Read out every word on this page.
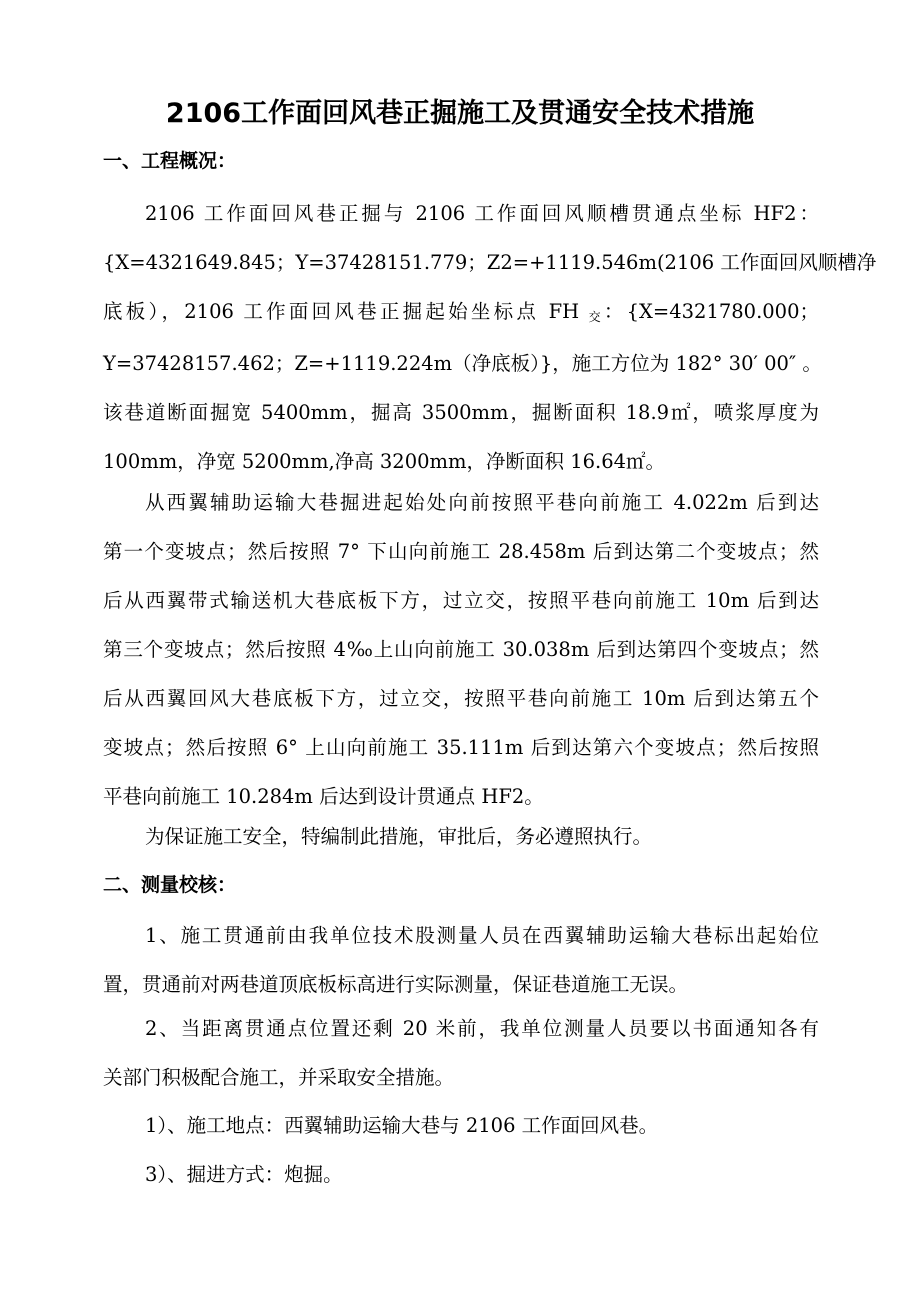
2106工作面回风巷正掘施工及贯通安全技术措施
一、工程概况：
2106 工作面回风巷正掘与 2106 工作面回风顺槽贯通点坐标 HF2：
{X=4321649.845；Y=37428151.779；Z2=+1119.546m(2106 工作面回风顺槽净
底板），2106 工作面回风巷正掘起始坐标点 FH 交：{X=4321780.000；
Y=37428157.462；Z=+1119.224m（净底板）}，施工方位为 182° 30′ 00″ 。
该巷道断面掘宽 5400mm，掘高 3500mm，掘断面积 18.9㎡，喷浆厚度为
100mm，净宽 5200mm,净高 3200mm，净断面积 16.64㎡。
从西翼辅助运输大巷掘进起始处向前按照平巷向前施工 4.022m 后到达
第一个变坡点；然后按照 7° 下山向前施工 28.458m 后到达第二个变坡点；然
后从西翼带式输送机大巷底板下方，过立交，按照平巷向前施工 10m 后到达
第三个变坡点；然后按照 4‰上山向前施工 30.038m 后到达第四个变坡点；然
后从西翼回风大巷底板下方，过立交，按照平巷向前施工 10m 后到达第五个
变坡点；然后按照 6° 上山向前施工 35.111m 后到达第六个变坡点；然后按照
平巷向前施工 10.284m 后达到设计贯通点 HF2。
为保证施工安全，特编制此措施，审批后，务必遵照执行。
二、测量校核：
1、施工贯通前由我单位技术股测量人员在西翼辅助运输大巷标出起始位
置，贯通前对两巷道顶底板标高进行实际测量，保证巷道施工无误。
2、当距离贯通点位置还剩 20 米前，我单位测量人员要以书面通知各有
关部门积极配合施工，并采取安全措施。
1）、施工地点：西翼辅助运输大巷与 2106 工作面回风巷。
3）、掘进方式：炮掘。
